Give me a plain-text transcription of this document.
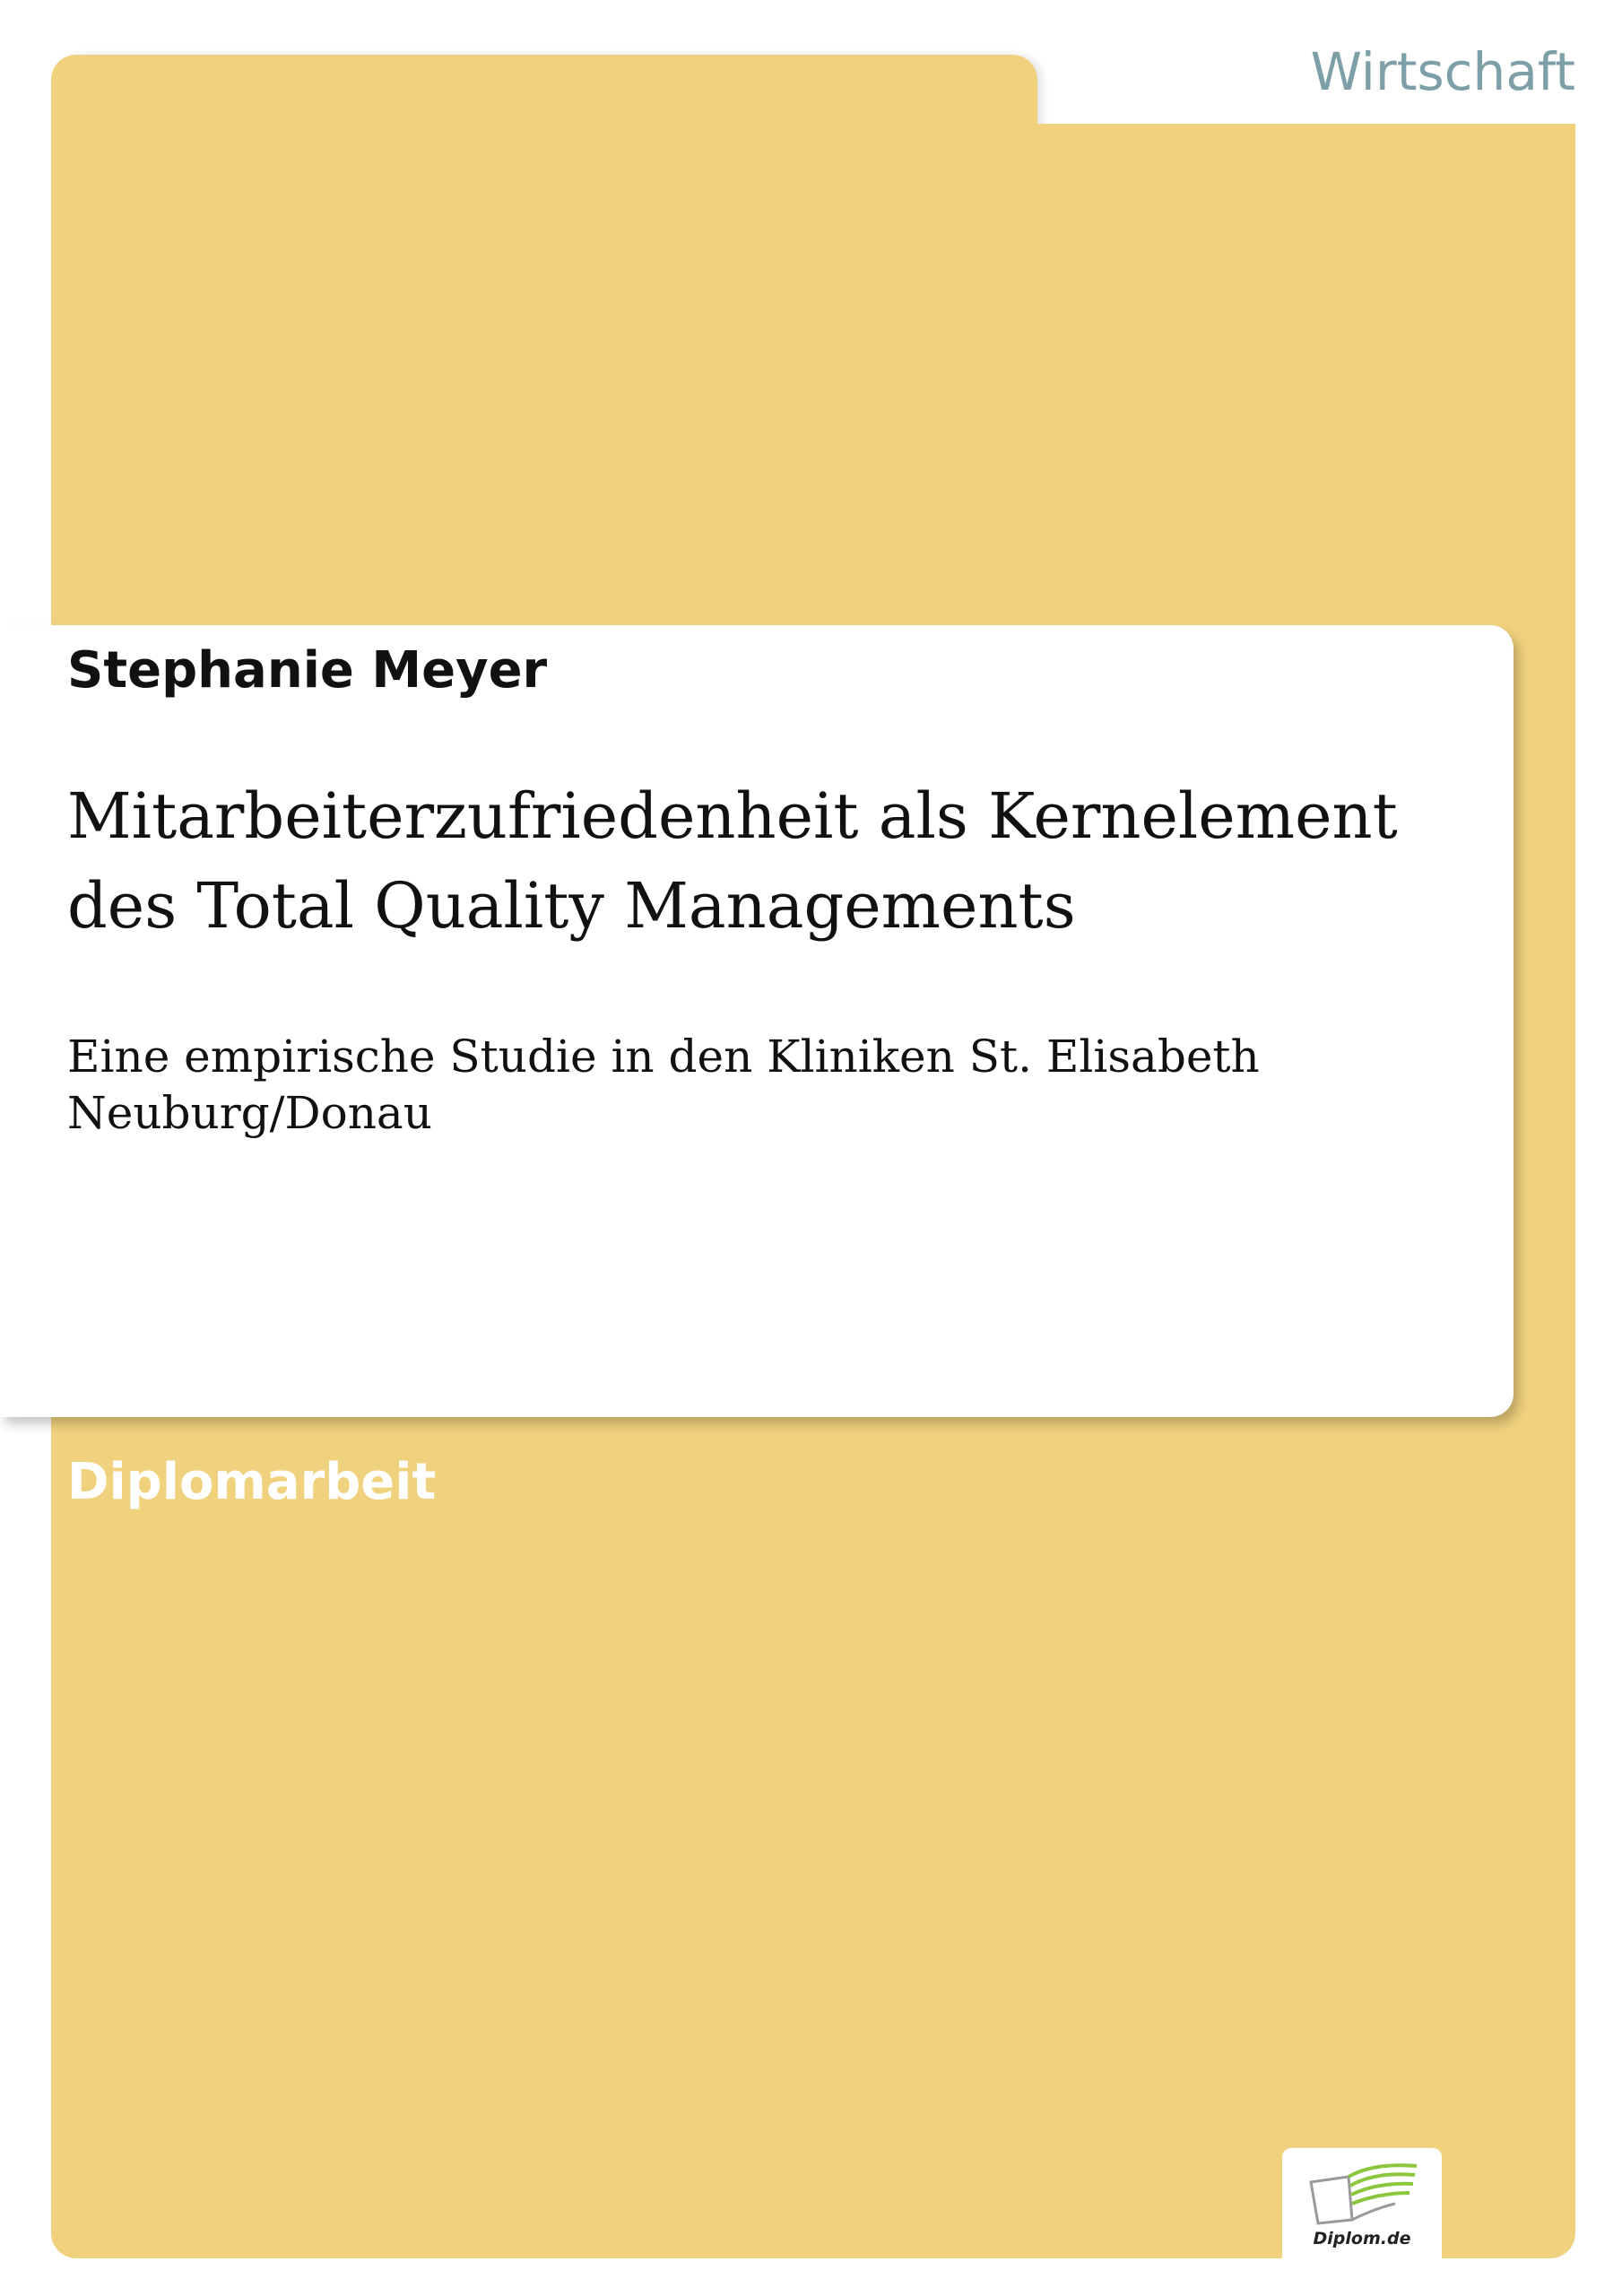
Wirtschaft
Stephanie Meyer
Mitarbeiterzufriedenheit als Kernelement des Total Quality Managements

Eine empirische Studie in den Kliniken St. Elisabeth Neuburg/Donau

Diplomarbeit
Diplom.de
